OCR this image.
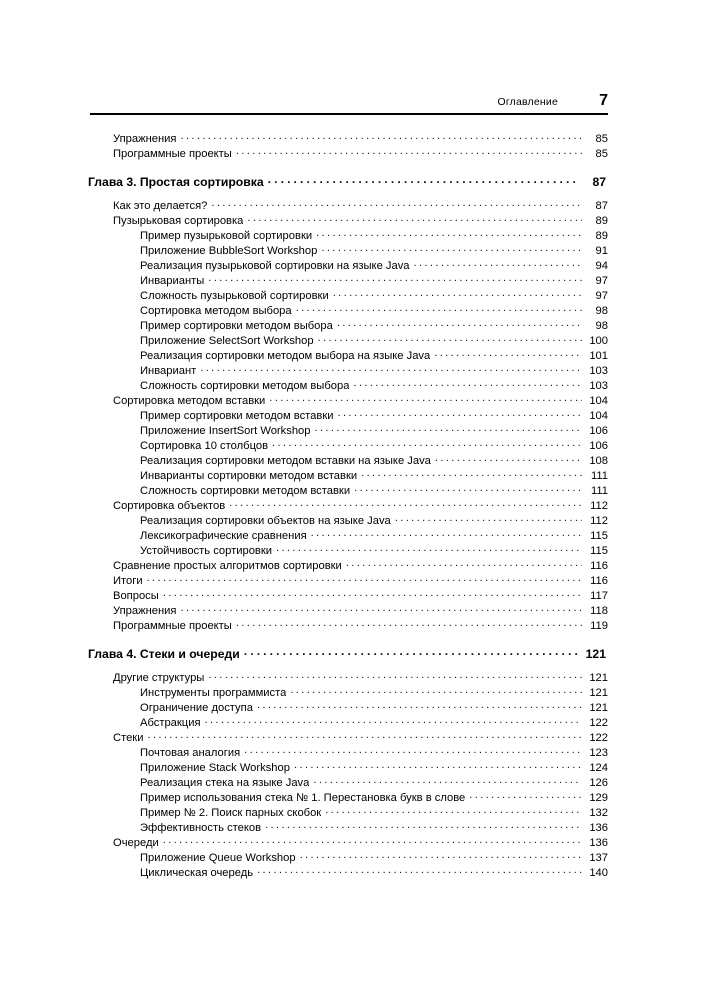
Оглавление	7
Упражнения .....	85
Программные проекты .....	85
Глава 3. Простая сортировка .....	87
Как это делается? .....	87
Пузырьковая сортировка .....	89
Пример пузырьковой сортировки .....	89
Приложение BubbleSort Workshop .....	91
Реализация пузырьковой сортировки на языке Java .....	94
Инварианты .....	97
Сложность пузырьковой сортировки .....	97
Сортировка методом выбора .....	98
Пример сортировки методом выбора .....	98
Приложение SelectSort Workshop .....	100
Реализация сортировки методом выбора на языке Java .....	101
Инвариант .....	103
Сложность сортировки методом выбора .....	103
Сортировка методом вставки .....	104
Пример сортировки методом вставки .....	104
Приложение InsertSort Workshop .....	106
Сортировка 10 столбцов .....	106
Реализация сортировки методом вставки на языке Java .....	108
Инварианты сортировки методом вставки .....	111
Сложность сортировки методом вставки .....	111
Сортировка объектов .....	112
Реализация сортировки объектов на языке Java .....	112
Лексикографические сравнения .....	115
Устойчивость сортировки .....	115
Сравнение простых алгоритмов сортировки .....	116
Итоги .....	116
Вопросы .....	117
Упражнения .....	118
Программные проекты .....	119
Глава 4. Стеки и очереди .....	121
Другие структуры .....	121
Инструменты программиста .....	121
Ограничение доступа .....	121
Абстракция .....	122
Стеки .....	122
Почтовая аналогия .....	123
Приложение Stack Workshop .....	124
Реализация стека на языке Java .....	126
Пример использования стека № 1. Перестановка букв в слове .....	129
Пример № 2. Поиск парных скобок .....	132
Эффективность стеков .....	136
Очереди .....	136
Приложение Queue Workshop .....	137
Циклическая очередь .....	140
